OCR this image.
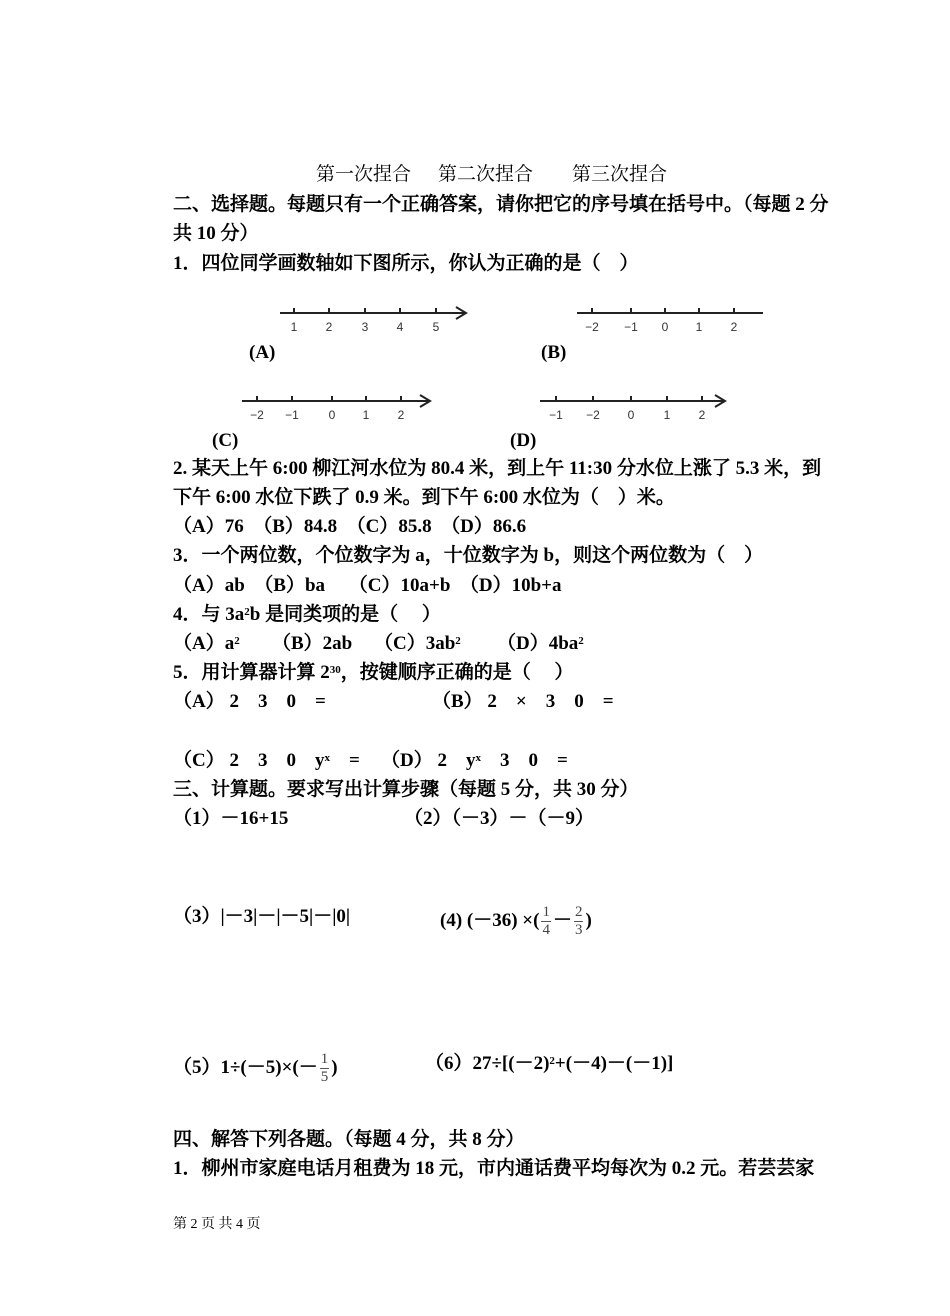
第一次捏合 第二次捏合 第三次捏合
二、选择题。每题只有一个正确答案，请你把它的序号填在括号中。（每题 2 分
共 10 分）
1．四位同学画数轴如下图所示，你认为正确的是（　）
1 2 3 4 5
(A)
−2 −1 0 1 2
(B)
−2 −1 0 1 2
(C)
−1 −2 0 1 2
(D)
2. 某天上午 6:00 柳江河水位为 80.4 米，到上午 11:30 分水位上涨了 5.3 米，到
下午 6:00 水位下跌了 0.9 米。到下午 6:00 水位为（　）米。
（A）76　（B）84.8　（C）85.8　（D）86.6
3．一个两位数，个位数字为 a，十位数字为 b，则这个两位数为（　）
（A）ab　（B）ba　 （C）10a+b　（D）10b+a
4．与 $3a^2b$ 是同类项的是（　 ）
$(A)a^2$ （B）2ab $(C)3ab^2$ $(D)4ba^2$
5．用计算器计算 $2^{30}$，按键顺序正确的是（　 ）
（A） 2　3　0　=	（B） 2　×　3　0　=
（C） 2　3　0　$y^x$　= （D） 2　$y^x$　3　0　=
三、计算题。要求写出计算步骤（每题 5 分，共 30 分）
（1）－16+15	（2）（－3）－（－9）
（3）|－3|－|－5|－|0|	(4) (－36) ×( $\frac{1}{4} - \frac{2}{3}$ )
$(5)1\div(-5)\times(- \frac{1}{5}$ )	$(6)27\div[(-2)^2+(-4)-(-1)]$
四、解答下列各题。（每题 4 分，共 8 分）
1．柳州市家庭电话月租费为 18 元，市内通话费平均每次为 0.2 元。若芸芸家
第 2 页 共 4 页
